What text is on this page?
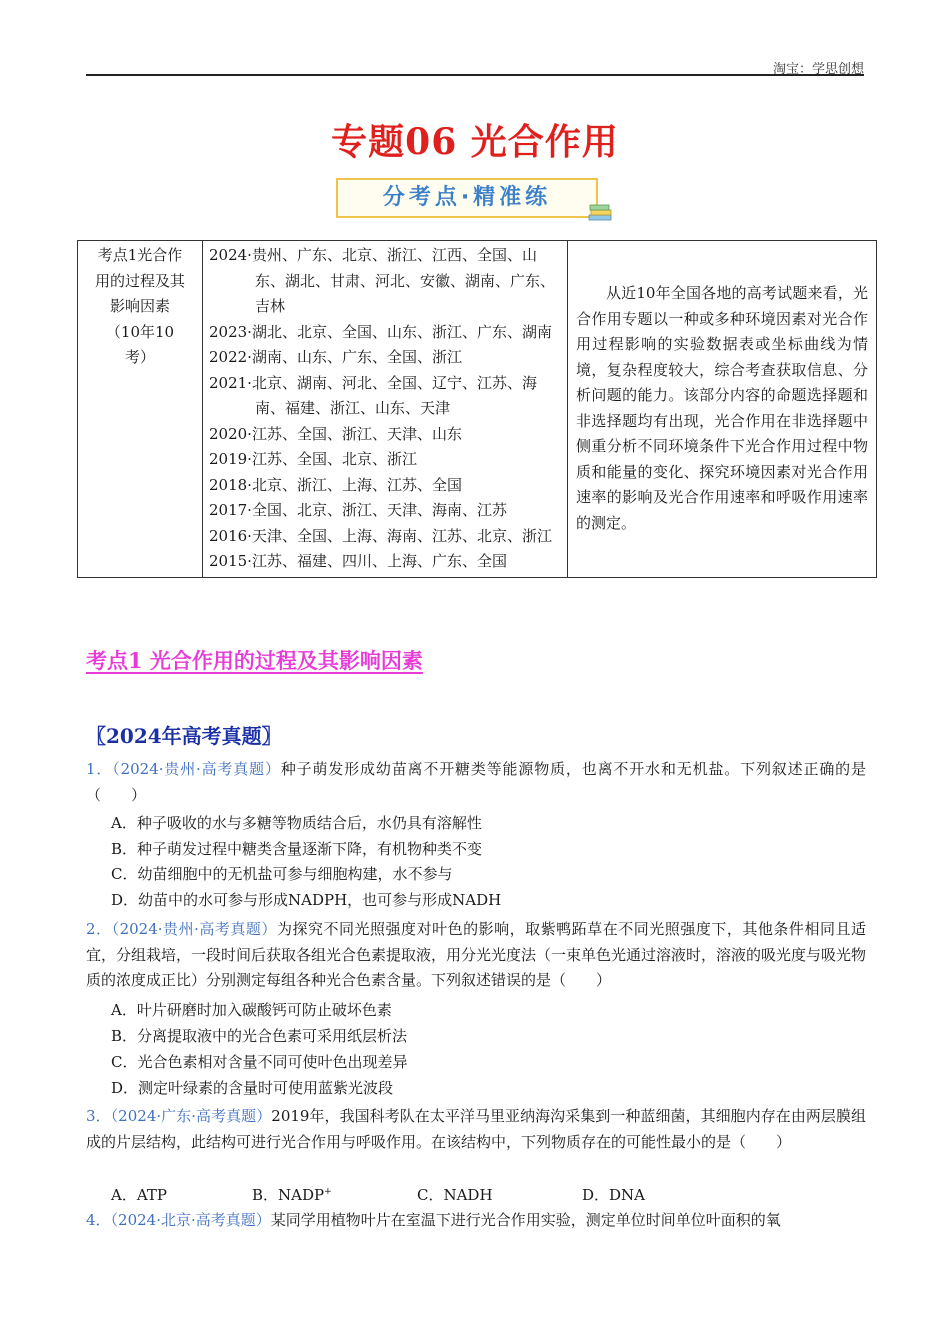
淘宝：学思创想
专题06 光合作用
分考点·精准练
考点1光合作
用的过程及其
影响因素
（10年10
考）

2024·贵州、广东、北京、浙江、江西、全国、山东、湖北、甘肃、河北、安徽、湖南、广东、吉林
2023·湖北、北京、全国、山东、浙江、广东、湖南
2022·湖南、山东、广东、全国、浙江
2021·北京、湖南、河北、全国、辽宁、江苏、海南、福建、浙江、山东、天津
2020·江苏、全国、浙江、天津、山东
2019·江苏、全国、北京、浙江
2018·北京、浙江、上海、江苏、全国
2017·全国、北京、浙江、天津、海南、江苏
2016·天津、全国、上海、海南、江苏、北京、浙江
2015·江苏、福建、四川、上海、广东、全国

从近10年全国各地的高考试题来看，光合作用专题以一种或多种环境因素对光合作用过程影响的实验数据表或坐标曲线为情境，复杂程度较大，综合考查获取信息、分析问题的能力。该部分内容的命题选择题和非选择题均有出现，光合作用在非选择题中侧重分析不同环境条件下光合作用过程中物质和能量的变化、探究环境因素对光合作用速率的影响及光合作用速率和呼吸作用速率的测定。
考点1 光合作用的过程及其影响因素
〖2024年高考真题〗
1．（2024·贵州·高考真题）种子萌发形成幼苗离不开糖类等能源物质，也离不开水和无机盐。下列叙述正确的是（　　）
A．种子吸收的水与多糖等物质结合后，水仍具有溶解性
B．种子萌发过程中糖类含量逐渐下降，有机物种类不变
C．幼苗细胞中的无机盐可参与细胞构建，水不参与
D．幼苗中的水可参与形成NADPH，也可参与形成NADH
2．（2024·贵州·高考真题）为探究不同光照强度对叶色的影响，取紫鸭跖草在不同光照强度下，其他条件相同且适宜，分组栽培，一段时间后获取各组光合色素提取液，用分光光度法（一束单色光通过溶液时，溶液的吸光度与吸光物质的浓度成正比）分别测定每组各种光合色素含量。下列叙述错误的是（　　）
A．叶片研磨时加入碳酸钙可防止破坏色素
B．分离提取液中的光合色素可采用纸层析法
C．光合色素相对含量不同可使叶色出现差异
D．测定叶绿素的含量时可使用蓝紫光波段
3．（2024·广东·高考真题）2019年，我国科考队在太平洋马里亚纳海沟采集到一种蓝细菌，其细胞内存在由两层膜组成的片层结构，此结构可进行光合作用与呼吸作用。在该结构中，下列物质存在的可能性最小的是（　　）
A．ATP	B．NADP+	C．NADH	D．DNA
4．（2024·北京·高考真题）某同学用植物叶片在室温下进行光合作用实验，测定单位时间单位叶面积的氧
